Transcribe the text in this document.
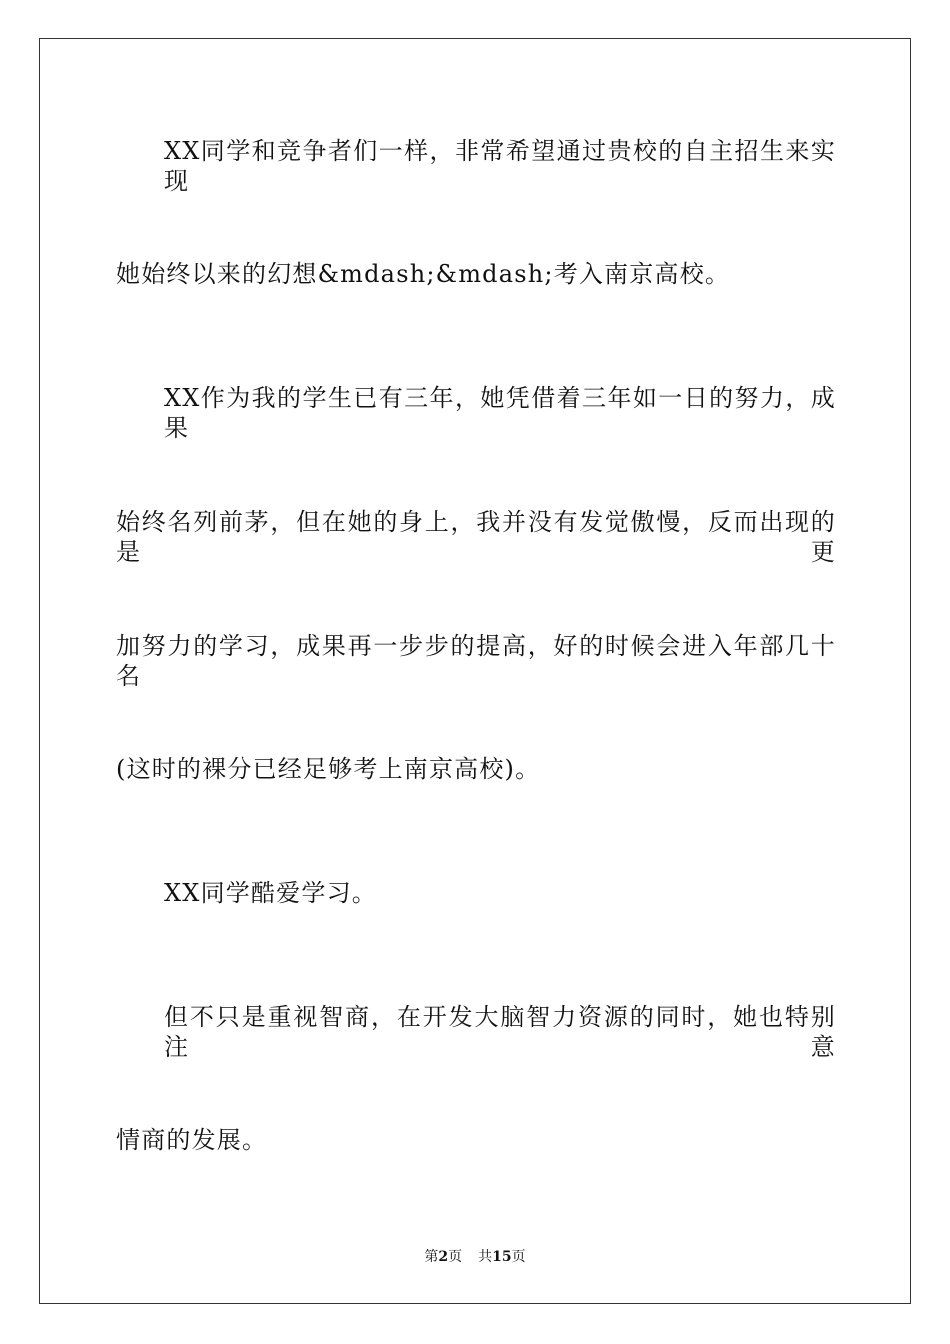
XX同学和竞争者们一样，非常希望通过贵校的自主招生来实现
她始终以来的幻想&mdash;&mdash;考入南京高校。
XX作为我的学生已有三年，她凭借着三年如一日的努力，成果
始终名列前茅，但在她的身上，我并没有发觉傲慢，反而出现的是更
加努力的学习，成果再一步步的提高，好的时候会进入年部几十名
(这时的裸分已经足够考上南京高校)。
XX同学酷爱学习。
但不只是重视智商，在开发大脑智力资源的同时，她也特别注意
情商的发展。
第2页 共15页
